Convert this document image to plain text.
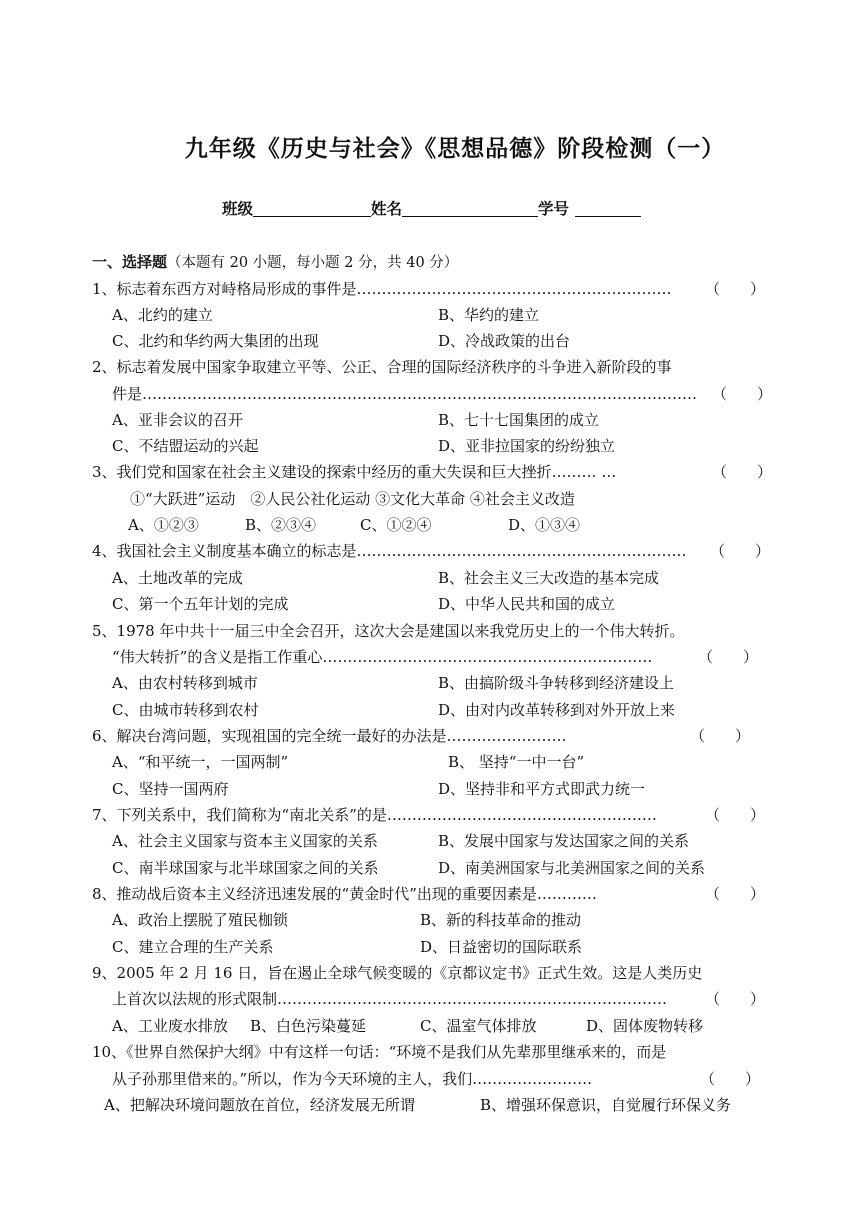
九年级《历史与社会》《思想品德》阶段检测（一）
班级	姓名	学号
一、选择题（本题有 20 小题，每小题 2 分，共 40 分）
1、标志着东西方对峙格局形成的事件是………………………………………………………	（　　）
A、北约的建立	B、华约的建立
C、北约和华约两大集团的出现	D、冷战政策的出台
2、标志着发展中国家争取建立平等、公正、合理的国际经济秩序的斗争进入新阶段的事
件是………………………………………………………………………………………………… （　　）
A、亚非会议的召开	B、七十七国集团的成立
C、不结盟运动的兴起	D、亚非拉国家的纷纷独立
3、我们党和国家在社会主义建设的探索中经历的重大失误和巨大挫折……… …	（　　）
①“大跃进”运动　②人民公社化运动 ③文化大革命 ④社会主义改造
A、①②③	B、②③④	C、①②④	D、①③④
4、我国社会主义制度基本确立的标志是…………………………………………………………	（　　）
A、土地改革的完成	B、社会主义三大改造的基本完成
C、第一个五年计划的完成	D、中华人民共和国的成立
5、1978 年中共十一届三中全会召开，这次大会是建国以来我党历史上的一个伟大转折。
“伟大转折”的含义是指工作重心…………………………………………………………	（　　）
A、由农村转移到城市	B、由搞阶级斗争转移到经济建设上
C、由城市转移到农村	D、由对内改革转移到对外开放上来
6、解决台湾问题，实现祖国的完全统一最好的办法是……………………	（　　）
A、“和平统一，一国两制”	B、 坚持“一中一台”
C、坚持一国两府	D、坚持非和平方式即武力统一
7、下列关系中，我们简称为“南北关系”的是………………………………………………	（　　）
A、社会主义国家与资本主义国家的关系	B、发展中国家与发达国家之间的关系
C、南半球国家与北半球国家之间的关系	D、南美洲国家与北美洲国家之间的关系
8、推动战后资本主义经济迅速发展的“黄金时代”出现的重要因素是…………	（　　）
A、政治上摆脱了殖民枷锁	B、新的科技革命的推动
C、建立合理的生产关系	D、日益密切的国际联系
9、2005 年 2 月 16 日，旨在遏止全球气候变暖的《京都议定书》正式生效。这是人类历史
上首次以法规的形式限制……………………………………………………………………	（　　）
A、工业废水排放 B、白色污染蔓延	C、温室气体排放	D、固体废物转移
10、《世界自然保护大纲》中有这样一句话：“环境不是我们从先辈那里继承来的，而是
从子孙那里借来的。”所以，作为今天环境的主人，我们……………………	（　　）
A、把解决环境问题放在首位，经济发展无所谓	B、增强环保意识，自觉履行环保义务
